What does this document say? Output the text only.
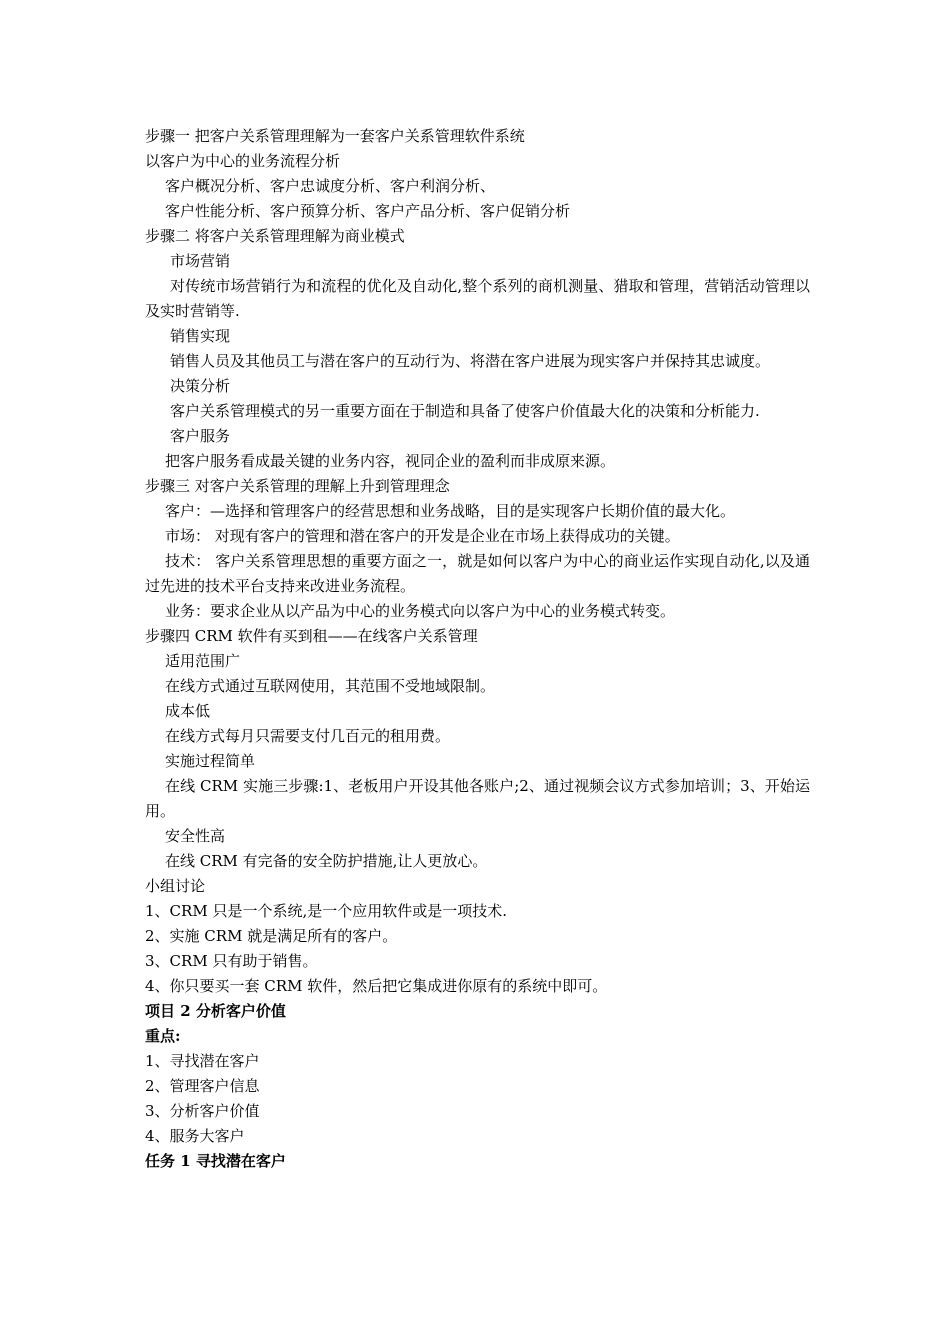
步骤一 把客户关系管理理解为一套客户关系管理软件系统
以客户为中心的业务流程分析
客户概况分析、客户忠诚度分析、客户利润分析、
客户性能分析、客户预算分析、客户产品分析、客户促销分析
步骤二 将客户关系管理理解为商业模式
市场营销
对传统市场营销行为和流程的优化及自动化,整个系列的商机测量、猎取和管理，营销活动管理以及实时营销等.
销售实现
销售人员及其他员工与潜在客户的互动行为、将潜在客户进展为现实客户并保持其忠诚度。
决策分析
客户关系管理模式的另一重要方面在于制造和具备了使客户价值最大化的决策和分析能力.
客户服务
把客户服务看成最关键的业务内容，视同企业的盈利而非成原来源。
步骤三 对客户关系管理的理解上升到管理理念
客户：—选择和管理客户的经营思想和业务战略，目的是实现客户长期价值的最大化。
市场： 对现有客户的管理和潜在客户的开发是企业在市场上获得成功的关键。
技术： 客户关系管理思想的重要方面之一，就是如何以客户为中心的商业运作实现自动化,以及通过先进的技术平台支持来改进业务流程。
业务：要求企业从以产品为中心的业务模式向以客户为中心的业务模式转变。
步骤四 CRM 软件有买到租——在线客户关系管理
适用范围广
在线方式通过互联网使用，其范围不受地域限制。
成本低
在线方式每月只需要支付几百元的租用费。
实施过程简单
在线 CRM 实施三步骤:1、老板用户开设其他各账户;2、通过视频会议方式参加培训；3、开始运用。
安全性高
在线 CRM 有完备的安全防护措施,让人更放心。
小组讨论
1、CRM 只是一个系统,是一个应用软件或是一项技术.
2、实施 CRM 就是满足所有的客户。
3、CRM 只有助于销售。
4、你只要买一套 CRM 软件，然后把它集成进你原有的系统中即可。
项目 2 分析客户价值
重点:
1、寻找潜在客户
2、管理客户信息
3、分析客户价值
4、服务大客户
任务 1 寻找潜在客户
